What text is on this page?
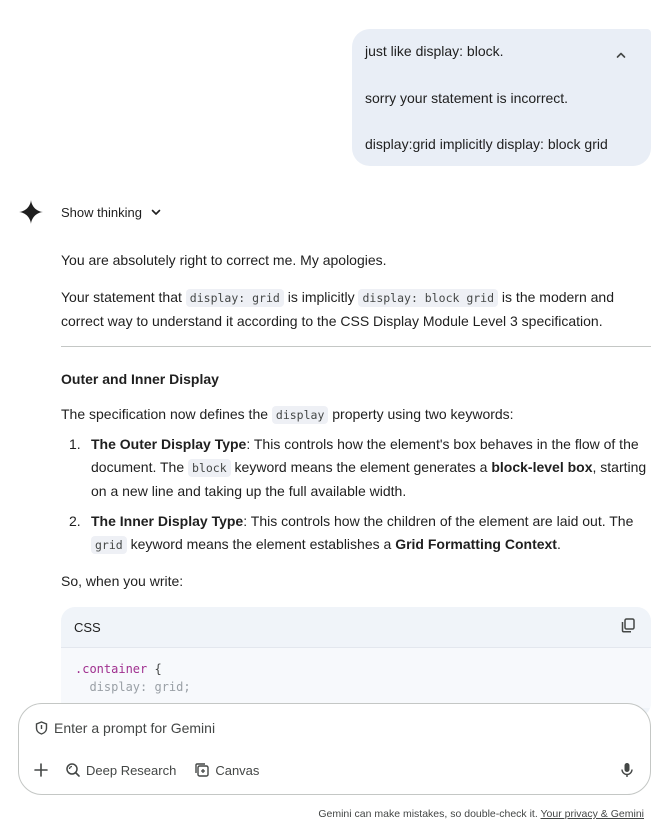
just like display: block.

sorry your statement is incorrect.

display:grid implicitly display: block grid

Show thinking

You are absolutely right to correct me. My apologies.

Your statement that display: grid is implicitly display: block grid is the modern and correct way to understand it according to the CSS Display Module Level 3 specification.

Outer and Inner Display

The specification now defines the display property using two keywords:

1. The Outer Display Type: This controls how the element's box behaves in the flow of the document. The block keyword means the element generates a block-level box, starting on a new line and taking up the full available width.
2. The Inner Display Type: This controls how the children of the element are laid out. The grid keyword means the element establishes a Grid Formatting Context.

So, when you write:

CSS
.container {
display: grid;
Enter a prompt for Gemini
Deep Research	Canvas
Gemini can make mistakes, so double-check it. Your privacy & Gemini
